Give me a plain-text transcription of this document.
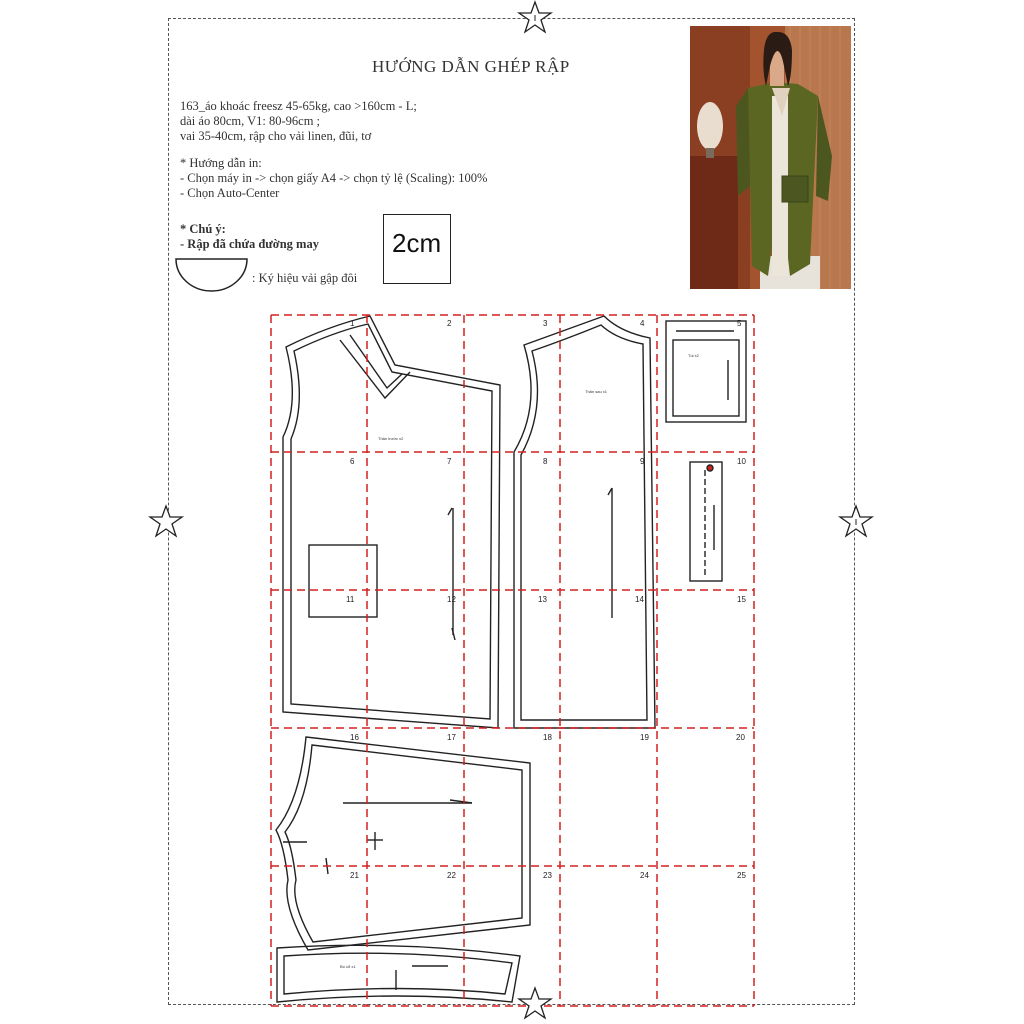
HƯỚNG DẪN GHÉP RẬP
163_áo khoác freesz 45-65kg, cao >160cm - L;
dài áo 80cm, V1: 80-96cm ;
vai 35-40cm, rập cho vải linen, đũi, tơ
* Hướng dẫn in:
- Chọn máy in -> chọn giấy A4 -> chọn tỷ lệ (Scaling): 100%
- Chọn Auto-Center
* Chú ý:
- Rập đã chứa đường may	2cm
: Ký hiệu vải gập đôi
Thân trước x2
Thân sau x1
Túi x2
Bo cổ x1
1	2	3	4	5
6	7	8	9	10
11	12	13	14	15
16	17	18	19	20
21	22	23	24	25
